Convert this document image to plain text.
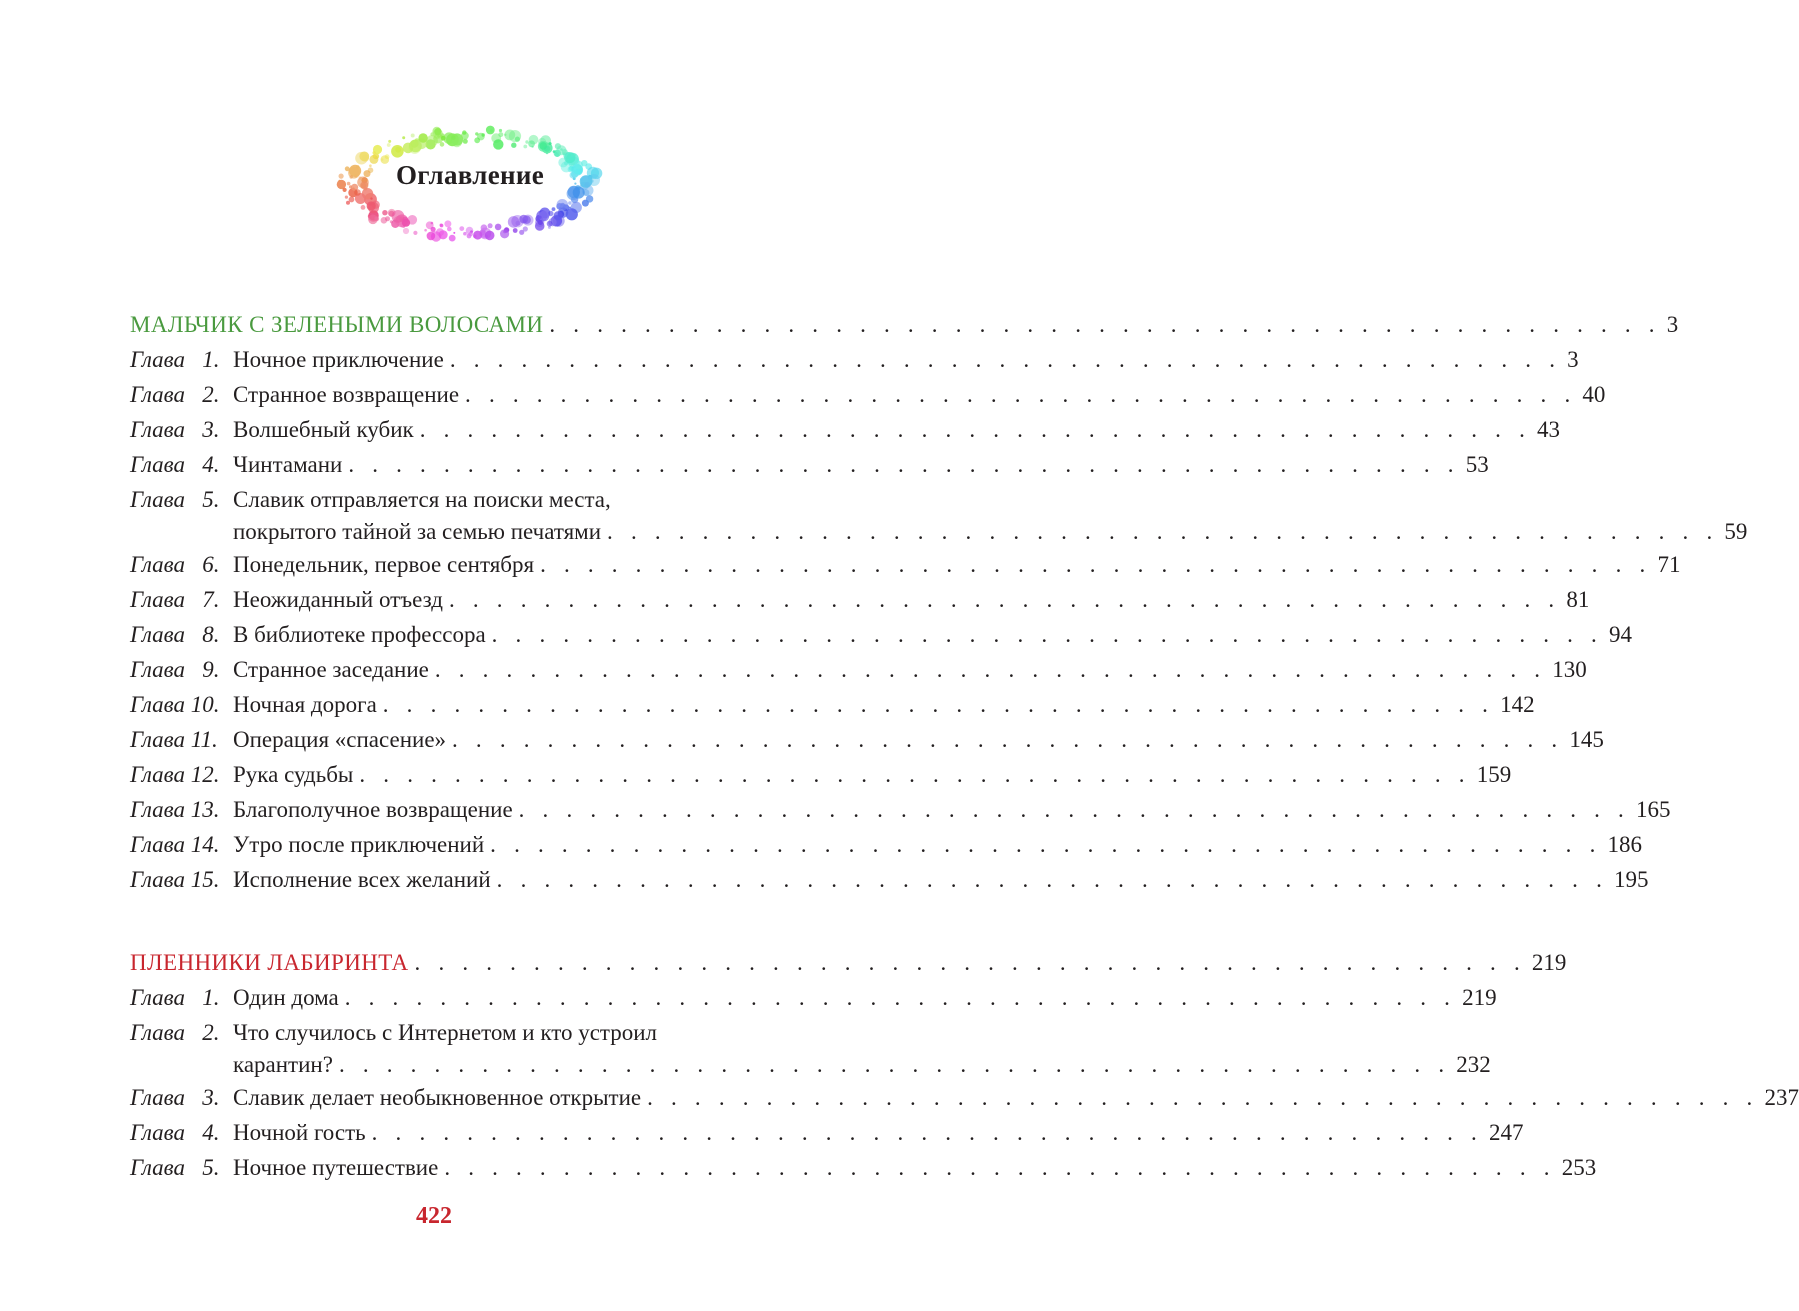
Оглавление
МАЛЬЧИК С ЗЕЛЕНЫМИ ВОЛОСАМИ . . . . . . . . . . . . . . . . . . . . . . . . . . . . . . . . . . . . . . . . . . . . . . . 3
Глава   1. Ночное приключение . . . . . . . . . . . . . . . . . . . . . . . . . . . . . . . . . . . . . . . . . . . . . . . 3
Глава   2. Странное возвращение . . . . . . . . . . . . . . . . . . . . . . . . . . . . . . . . . . . . . . . . . . . . . . . 40
Глава   3. Волшебный кубик . . . . . . . . . . . . . . . . . . . . . . . . . . . . . . . . . . . . . . . . . . . . . . . 43
Глава   4. Чинтамани . . . . . . . . . . . . . . . . . . . . . . . . . . . . . . . . . . . . . . . . . . . . . . . 53
Глава   5. Славик отправляется на поиски места,
покрытого тайной за семью печатями . . . . . . . . . . . . . . . . . . . . . . . . . . . . . . . . . . . . . . . . . . . . . . . 59
Глава   6. Понедельник, первое сентября . . . . . . . . . . . . . . . . . . . . . . . . . . . . . . . . . . . . . . . . . . . . . . . 71
Глава   7. Неожиданный отъезд . . . . . . . . . . . . . . . . . . . . . . . . . . . . . . . . . . . . . . . . . . . . . . . 81
Глава   8. В библиотеке профессора . . . . . . . . . . . . . . . . . . . . . . . . . . . . . . . . . . . . . . . . . . . . . . . 94
Глава   9. Странное заседание . . . . . . . . . . . . . . . . . . . . . . . . . . . . . . . . . . . . . . . . . . . . . . . 130
Глава 10. Ночная дорога . . . . . . . . . . . . . . . . . . . . . . . . . . . . . . . . . . . . . . . . . . . . . . . 142
Глава 11. Операция «спасение» . . . . . . . . . . . . . . . . . . . . . . . . . . . . . . . . . . . . . . . . . . . . . . . 145
Глава 12. Рука судьбы . . . . . . . . . . . . . . . . . . . . . . . . . . . . . . . . . . . . . . . . . . . . . . . 159
Глава 13. Благополучное возвращение . . . . . . . . . . . . . . . . . . . . . . . . . . . . . . . . . . . . . . . . . . . . . . . 165
Глава 14. Утро после приключений . . . . . . . . . . . . . . . . . . . . . . . . . . . . . . . . . . . . . . . . . . . . . . . 186
Глава 15. Исполнение всех желаний . . . . . . . . . . . . . . . . . . . . . . . . . . . . . . . . . . . . . . . . . . . . . . . 195
ПЛЕННИКИ ЛАБИРИНТА . . . . . . . . . . . . . . . . . . . . . . . . . . . . . . . . . . . . . . . . . . . . . . . 219
Глава   1. Один дома . . . . . . . . . . . . . . . . . . . . . . . . . . . . . . . . . . . . . . . . . . . . . . . 219
Глава   2. Что случилось с Интернетом и кто устроил
карантин? . . . . . . . . . . . . . . . . . . . . . . . . . . . . . . . . . . . . . . . . . . . . . . . 232
Глава   3. Славик делает необыкновенное открытие . . . . . . . . . . . . . . . . . . . . . . . . . . . . . . . . . . . . . . . . . . . . . . . 237
Глава   4. Ночной гость . . . . . . . . . . . . . . . . . . . . . . . . . . . . . . . . . . . . . . . . . . . . . . . 247
Глава   5. Ночное путешествие . . . . . . . . . . . . . . . . . . . . . . . . . . . . . . . . . . . . . . . . . . . . . . . 253
422
